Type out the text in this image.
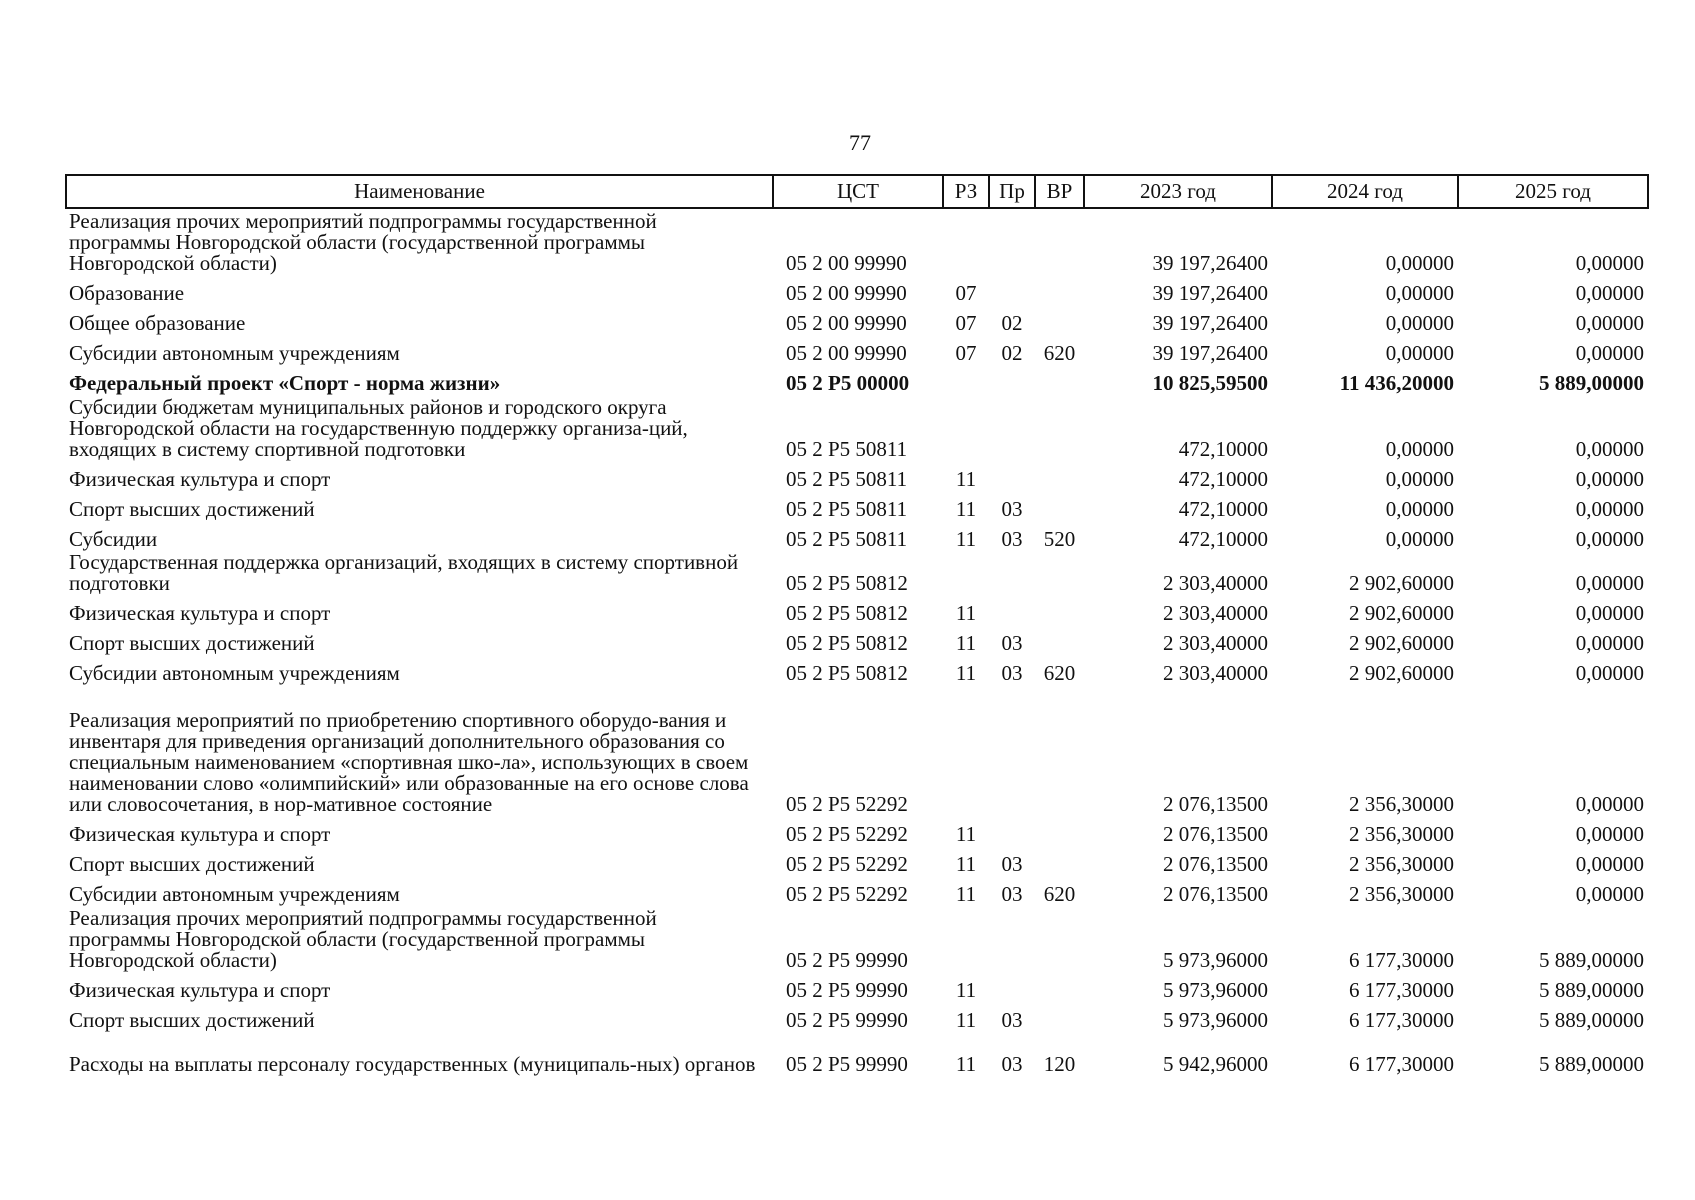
77
Наименование	ЦСТ	РЗ	Пр	ВР	2023 год	2024 год	2025 год
Реализация прочих мероприятий подпрограммы государственной программы Новгородской области (государственной программы Новгородской области)	05 2 00 99990				39 197,26400	0,00000	0,00000
Образование	05 2 00 99990	07			39 197,26400	0,00000	0,00000
Общее образование	05 2 00 99990	07	02		39 197,26400	0,00000	0,00000
Субсидии автономным учреждениям	05 2 00 99990	07	02	620	39 197,26400	0,00000	0,00000
Федеральный проект «Спорт - норма жизни»	05 2 P5 00000				10 825,59500	11 436,20000	5 889,00000
Субсидии бюджетам муниципальных районов и городского округа Новгородской области на государственную поддержку организа-ций, входящих в систему спортивной подготовки	05 2 P5 50811				472,10000	0,00000	0,00000
Физическая культура и спорт	05 2 P5 50811	11			472,10000	0,00000	0,00000
Спорт высших достижений	05 2 P5 50811	11	03		472,10000	0,00000	0,00000
Субсидии	05 2 P5 50811	11	03	520	472,10000	0,00000	0,00000
Государственная поддержка организаций, входящих в систему спортивной подготовки	05 2 P5 50812				2 303,40000	2 902,60000	0,00000
Физическая культура и спорт	05 2 P5 50812	11			2 303,40000	2 902,60000	0,00000
Спорт высших достижений	05 2 P5 50812	11	03		2 303,40000	2 902,60000	0,00000
Субсидии автономным учреждениям	05 2 P5 50812	11	03	620	2 303,40000	2 902,60000	0,00000
Реализация мероприятий по приобретению спортивного оборудо-вания и инвентаря для приведения организаций дополнительного образования со специальным наименованием «спортивная шко-ла», использующих в своем наименовании слово «олимпийский» или образованные на его основе слова или словосочетания, в нор-мативное состояние	05 2 P5 52292				2 076,13500	2 356,30000	0,00000
Физическая культура и спорт	05 2 P5 52292	11			2 076,13500	2 356,30000	0,00000
Спорт высших достижений	05 2 P5 52292	11	03		2 076,13500	2 356,30000	0,00000
Субсидии автономным учреждениям	05 2 P5 52292	11	03	620	2 076,13500	2 356,30000	0,00000
Реализация прочих мероприятий подпрограммы государственной программы Новгородской области (государственной программы Новгородской области)	05 2 P5 99990				5 973,96000	6 177,30000	5 889,00000
Физическая культура и спорт	05 2 P5 99990	11			5 973,96000	6 177,30000	5 889,00000
Спорт высших достижений	05 2 P5 99990	11	03		5 973,96000	6 177,30000	5 889,00000
Расходы на выплаты персоналу государственных (муниципаль-ных) органов	05 2 P5 99990	11	03	120	5 942,96000	6 177,30000	5 889,00000
